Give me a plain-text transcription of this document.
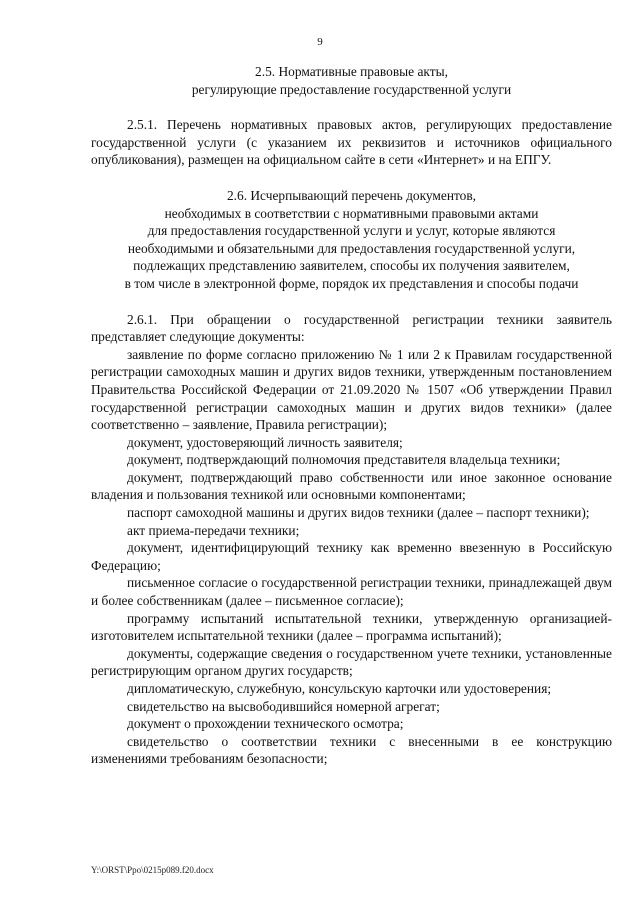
9
2.5. Нормативные правовые акты,
регулирующие предоставление государственной услуги

2.5.1. Перечень нормативных правовых актов, регулирующих предоставление государственной услуги (с указанием их реквизитов и источников официального опубликования), размещен на официальном сайте в сети «Интернет» и на ЕПГУ.

2.6. Исчерпывающий перечень документов,
необходимых в соответствии с нормативными правовыми актами
для предоставления государственной услуги и услуг, которые являются
необходимыми и обязательными для предоставления государственной услуги,
подлежащих представлению заявителем, способы их получения заявителем,
в том числе в электронной форме, порядок их представления и способы подачи

2.6.1. При обращении о государственной регистрации техники заявитель представляет следующие документы:

заявление по форме согласно приложению № 1 или 2 к Правилам государственной регистрации самоходных машин и других видов техники, утвержденным постановлением Правительства Российской Федерации от 21.09.2020 № 1507 «Об утверждении Правил государственной регистрации самоходных машин и других видов техники» (далее соответственно – заявление, Правила регистрации);

документ, удостоверяющий личность заявителя;

документ, подтверждающий полномочия представителя владельца техники;

документ, подтверждающий право собственности или иное законное основание владения и пользования техникой или основными компонентами;

паспорт самоходной машины и других видов техники (далее – паспорт техники);

акт приема-передачи техники;

документ, идентифицирующий технику как временно ввезенную в Российскую Федерацию;

письменное согласие о государственной регистрации техники, принадлежащей двум и более собственникам (далее – письменное согласие);

программу испытаний испытательной техники, утвержденную организацией-изготовителем испытательной техники (далее – программа испытаний);

документы, содержащие сведения о государственном учете техники, установленные регистрирующим органом других государств;

дипломатическую, служебную, консульскую карточки или удостоверения;

свидетельство на высвободившийся номерной агрегат;

документ о прохождении технического осмотра;

свидетельство о соответствии техники с внесенными в ее конструкцию изменениями требованиям безопасности;

Y:\ORST\Ppo\0215p089.f20.docx
